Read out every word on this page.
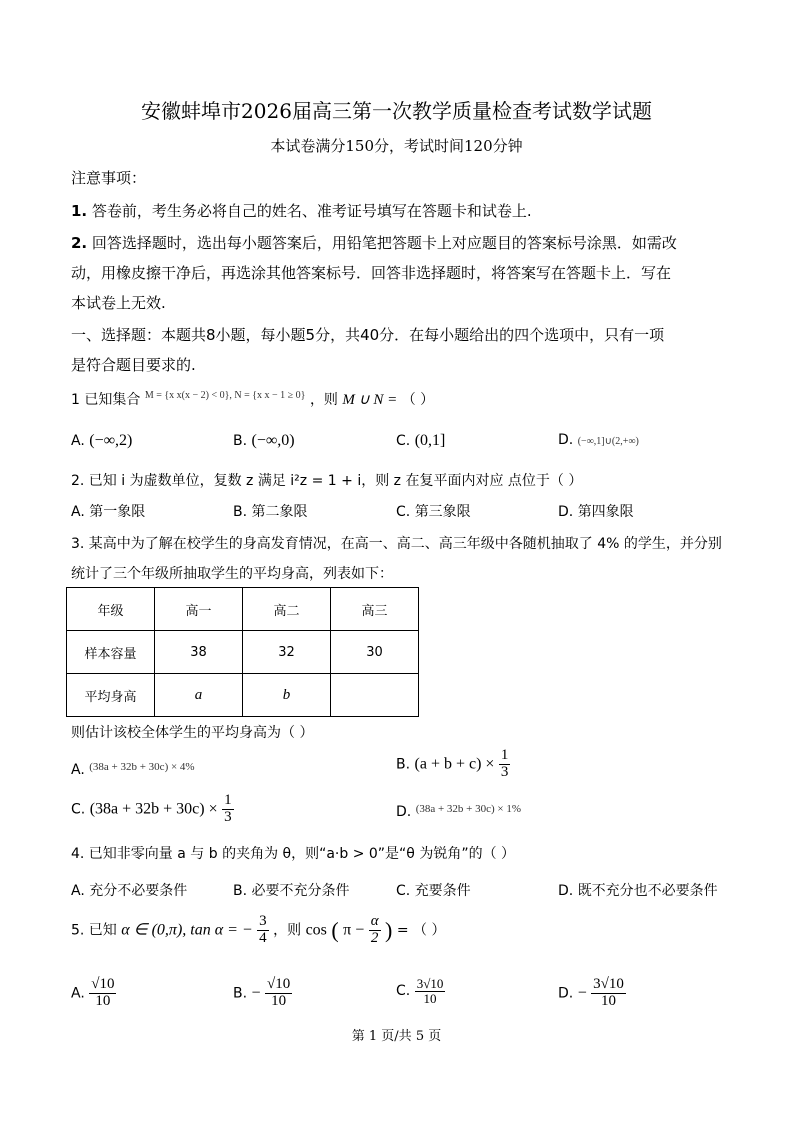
安徽蚌埠市2026届高三第一次教学质量检查考试数学试题
本试卷满分150分，考试时间120分钟
注意事项：
1. 答卷前，考生务必将自己的姓名、准考证号填写在答题卡和试卷上.
2. 回答选择题时，选出每小题答案后，用铅笔把答题卡上对应题目的答案标号涂黑．如需改
动，用橡皮擦干净后，再选涂其他答案标号．回答非选择题时，将答案写在答题卡上．写在
本试卷上无效.
一、选择题：本题共8小题，每小题5分，共40分．在每小题给出的四个选项中，只有一项
是符合题目要求的.
1 已知集合 $^{M = \{x x(x - 2) < 0\}, N = \{x x - 1 \ge 0\}}$ ，则 M ∪ N = （ ）
A. (−∞,2)	B. (−∞,0)	C. (0,1]	D. (−∞,1]∪(2,+∞)
2. 已知 i 为虚数单位，复数 z 满足 i²z = 1 + i，则 z 在复平面内对应 点位于（ ）
A. 第一象限	B. 第二象限	C. 第三象限	D. 第四象限
3. 某高中为了解在校学生的身高发育情况，在高一、高二、高三年级中各随机抽取了 4% 的学生，并分别
统计了三个年级所抽取学生的平均身高，列表如下：
年级	高一	高二	高三
样本容量	38	32	30
平均身高	a	b	
则估计该校全体学生的平均身高为（ ）
A. $^{(38a + 32b + 30c) \times 4\%}$	B. $(a + b + c) \times \frac{1}{3}$
C. $(38a + 32b + 30c) \times \frac{1}{3}$	D. $^{(38a + 32b + 30c) \times 1\%}$
4. 已知非零向量 a 与 b 的夹角为 θ，则“a·b > 0”是“θ 为锐角”的（ ）
A. 充分不必要条件	B. 必要不充分条件	C. 充要条件	D. 既不充分也不必要条件
5. 已知 α ∈ (0,π), tan α = − $\frac{3}{4}$ ，则 cos ( $\pi - \frac{\alpha}{2}$ ) = （ ）
A. $\frac{√10}{10}$	B. − $\frac{√10}{10}$	C. $\frac{3√10}{10}$	D. − $\frac{3√10}{10}$
第 1 页/共 5 页
